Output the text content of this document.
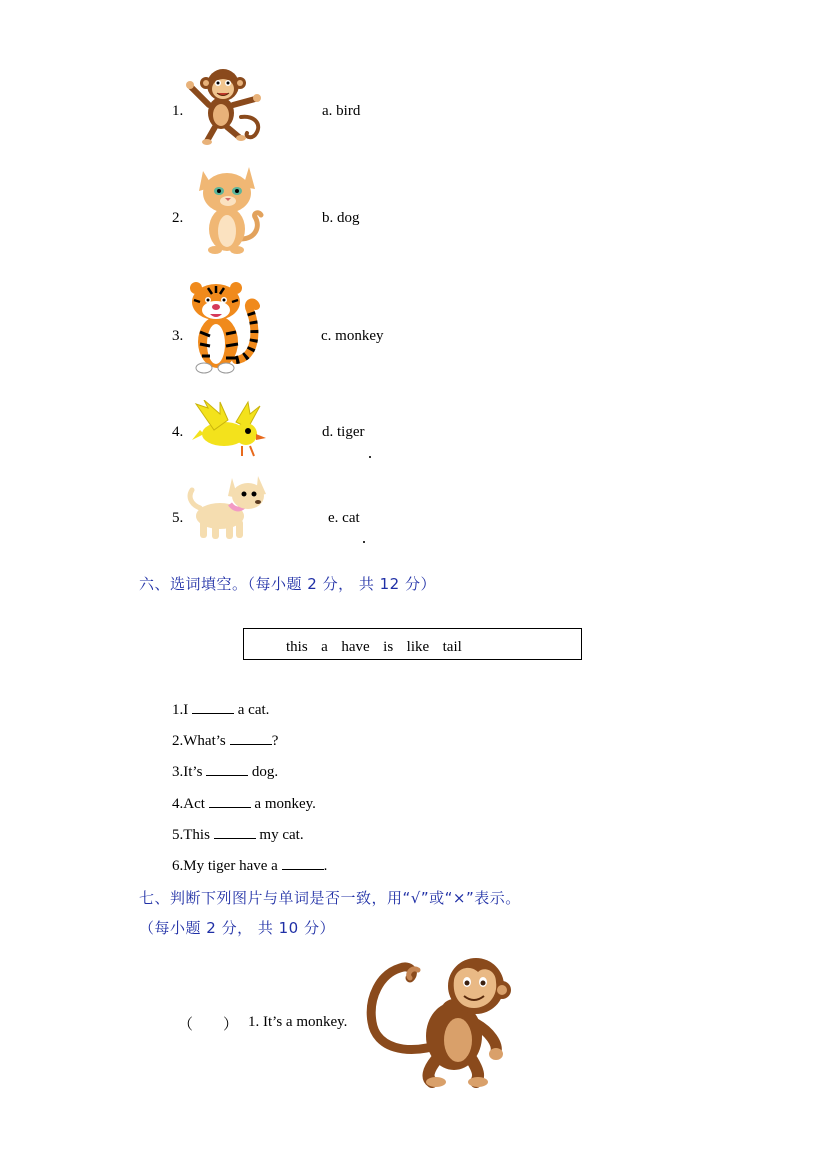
1.	a. bird
2.	b. dog
3.	c. monkey
4.	d. tiger
5.	e. cat
六、选词填空。（每小题 2 分， 共 12 分）
this  a  have  is  like  tail
1.I	a cat.
2.What’s	?
3.It’s	dog.
4.Act	a monkey.
5.This	my cat.
6.My tiger have a	.
七、判断下列图片与单词是否一致，用“√”或“×”表示。
（每小题 2 分， 共 10 分）
（        ） 1. It’s a monkey.
